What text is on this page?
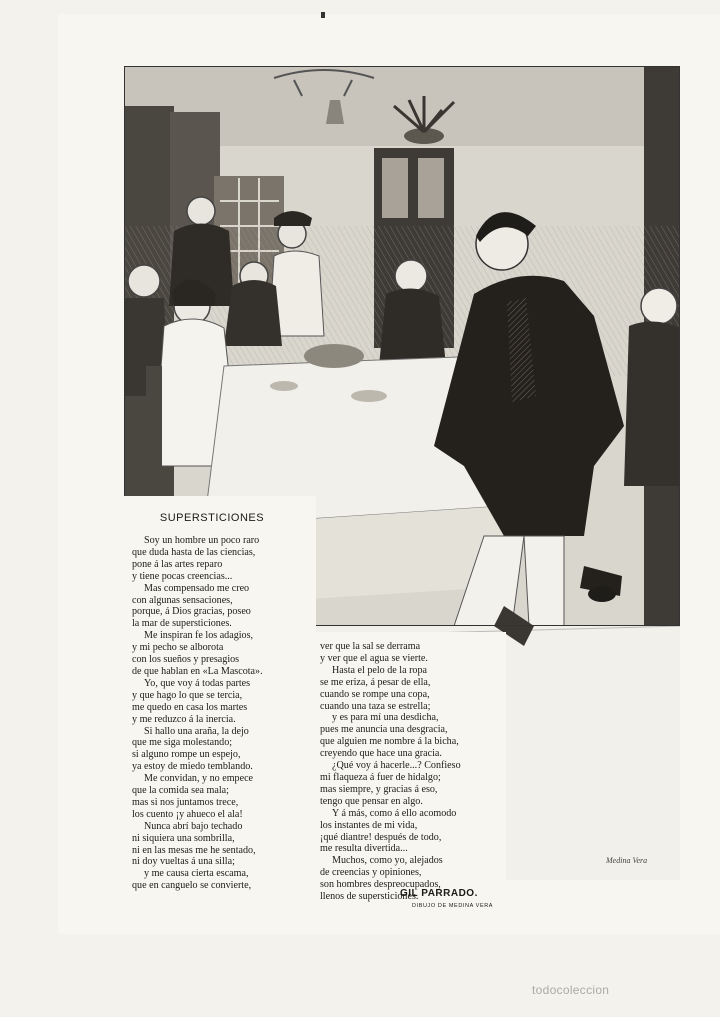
SUPERSTICIONES
Soy un hombre un poco raro
que duda hasta de las ciencias,
pone á las artes reparo
y tiene pocas creencias...
Mas compensado me creo
con algunas sensaciones,
porque, á Dios gracias, poseo
la mar de supersticiones.
Me inspiran fe los adagios,
y mi pecho se alborota
con los sueños y presagios
de que hablan en «La Mascota».
Yo, que voy á todas partes
y que hago lo que se tercia,
me quedo en casa los martes
y me reduzco á la inercia.
Si hallo una araña, la dejo
que me siga molestando;
si alguno rompe un espejo,
ya estoy de miedo temblando.
Me convidan, y no empece
que la comida sea mala;
mas si nos juntamos trece,
los cuento ¡y ahueco el ala!
Nunca abrí bajo techado
ni siquiera una sombrilla,
ni en las mesas me he sentado,
ni doy vueltas á una silla;
y me causa cierta escama,
que en canguelo se convierte,
ver que la sal se derrama
y ver que el agua se vierte.
Hasta el pelo de la ropa
se me eriza, á pesar de ella,
cuando se rompe una copa,
cuando una taza se estrella;
y es para mí una desdicha,
pues me anuncia una desgracia,
que alguien me nombre á la bicha,
creyendo que hace una gracia.
¿Qué voy á hacerle...? Confieso
mi flaqueza á fuer de hidalgo;
mas siempre, y gracias á eso,
tengo que pensar en algo.
Y á más, como á ello acomodo
los instantes de mi vida,
¡qué diantre! después de todo,
me resulta divertida...
Muchos, como yo, alejados
de creencias y opiniones,
son hombres despreocupados,
llenos de supersticiones.
GIL PARRADO.
DIBUJO DE MEDINA VERA
Medina Vera
todocoleccion
